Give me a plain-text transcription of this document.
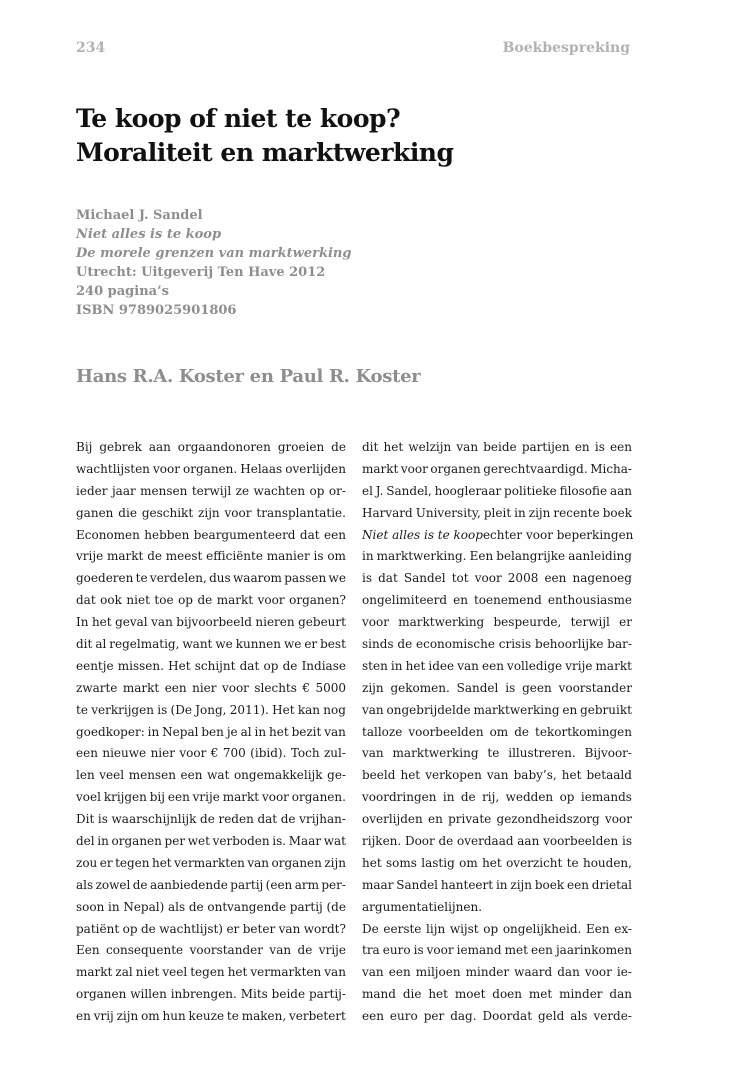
234	Boekbespreking
Te koop of niet te koop?
Moraliteit en marktwerking
Michael J. Sandel
Niet alles is te koop
De morele grenzen van marktwerking
Utrecht: Uitgeverij Ten Have 2012
240 pagina’s
ISBN 9789025901806
Hans R.A. Koster en Paul R. Koster
Bij gebrek aan orgaandonoren groeien de
wachtlijsten voor organen. Helaas overlijden
ieder jaar mensen terwijl ze wachten op or-
ganen die geschikt zijn voor transplantatie.
Economen hebben beargumenteerd dat een
vrije markt de meest efficiënte manier is om
goederen te verdelen, dus waarom passen we
dat ook niet toe op de markt voor organen?
In het geval van bijvoorbeeld nieren gebeurt
dit al regelmatig, want we kunnen we er best
eentje missen. Het schijnt dat op de Indiase
zwarte markt een nier voor slechts € 5000
te verkrijgen is (De Jong, 2011). Het kan nog
goedkoper: in Nepal ben je al in het bezit van
een nieuwe nier voor € 700 (ibid). Toch zul-
len veel mensen een wat ongemakkelijk ge-
voel krijgen bij een vrije markt voor organen.
Dit is waarschijnlijk de reden dat de vrijhan-
del in organen per wet verboden is. Maar wat
zou er tegen het vermarkten van organen zijn
als zowel de aanbiedende partij (een arm per-
soon in Nepal) als de ontvangende partij (de
patiënt op de wachtlijst) er beter van wordt?
Een consequente voorstander van de vrije
markt zal niet veel tegen het vermarkten van
organen willen inbrengen. Mits beide partij-
en vrij zijn om hun keuze te maken, verbetert
dit het welzijn van beide partijen en is een
markt voor organen gerechtvaardigd. Micha-
el J. Sandel, hoogleraar politieke filosofie aan
Harvard University, pleit in zijn recente boek
Niet alles is te koop echter voor beperkingen
in marktwerking. Een belangrijke aanleiding
is dat Sandel tot voor 2008 een nagenoeg
ongelimiteerd en toenemend enthousiasme
voor marktwerking bespeurde, terwijl er
sinds de economische crisis behoorlijke bar-
sten in het idee van een volledige vrije markt
zijn gekomen. Sandel is geen voorstander
van ongebrijdelde marktwerking en gebruikt
talloze voorbeelden om de tekortkomingen
van marktwerking te illustreren. Bijvoor-
beeld het verkopen van baby’s, het betaald
voordringen in de rij, wedden op iemands
overlijden en private gezondheidszorg voor
rijken. Door de overdaad aan voorbeelden is
het soms lastig om het overzicht te houden,
maar Sandel hanteert in zijn boek een drietal
argumentatielijnen.
De eerste lijn wijst op ongelijkheid. Een ex-
tra euro is voor iemand met een jaarinkomen
van een miljoen minder waard dan voor ie-
mand die het moet doen met minder dan
een euro per dag. Doordat geld als verde-
